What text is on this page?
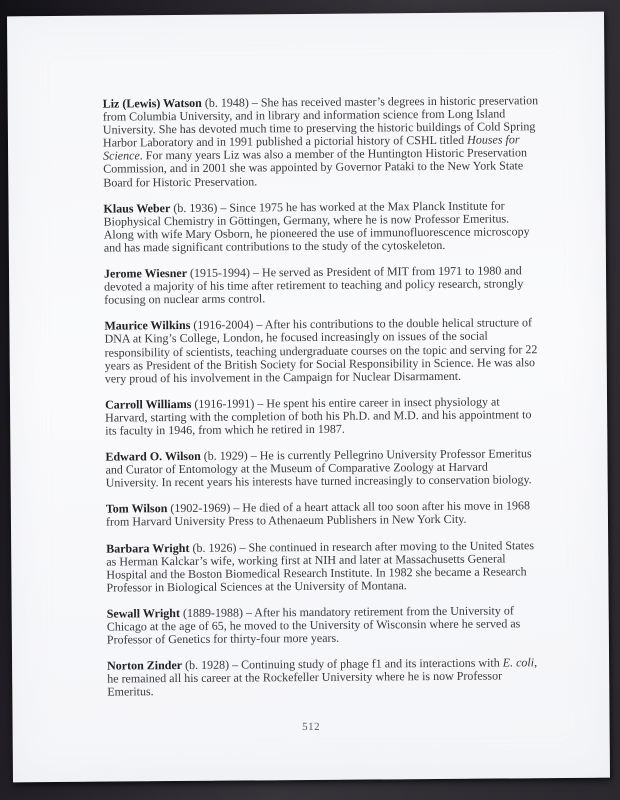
Liz (Lewis) Watson (b. 1948) – She has received master’s degrees in historic preservation from Columbia University, and in library and information science from Long Island University. She has devoted much time to preserving the historic buildings of Cold Spring Harbor Laboratory and in 1991 published a pictorial history of CSHL titled Houses for Science. For many years Liz was also a member of the Huntington Historic Preservation Commission, and in 2001 she was appointed by Governor Pataki to the New York State Board for Historic Preservation.

Klaus Weber (b. 1936) – Since 1975 he has worked at the Max Planck Institute for Biophysical Chemistry in Göttingen, Germany, where he is now Professor Emeritus. Along with wife Mary Osborn, he pioneered the use of immunofluorescence microscopy and has made significant contributions to the study of the cytoskeleton.

Jerome Wiesner (1915-1994) – He served as President of MIT from 1971 to 1980 and devoted a majority of his time after retirement to teaching and policy research, strongly focusing on nuclear arms control.

Maurice Wilkins (1916-2004) – After his contributions to the double helical structure of DNA at King’s College, London, he focused increasingly on issues of the social responsibility of scientists, teaching undergraduate courses on the topic and serving for 22 years as President of the British Society for Social Responsibility in Science. He was also very proud of his involvement in the Campaign for Nuclear Disarmament.

Carroll Williams (1916-1991) – He spent his entire career in insect physiology at Harvard, starting with the completion of both his Ph.D. and M.D. and his appointment to its faculty in 1946, from which he retired in 1987.

Edward O. Wilson (b. 1929) – He is currently Pellegrino University Professor Emeritus and Curator of Entomology at the Museum of Comparative Zoology at Harvard University. In recent years his interests have turned increasingly to conservation biology.

Tom Wilson (1902-1969) – He died of a heart attack all too soon after his move in 1968 from Harvard University Press to Athenaeum Publishers in New York City.

Barbara Wright (b. 1926) – She continued in research after moving to the United States as Herman Kalckar’s wife, working first at NIH and later at Massachusetts General Hospital and the Boston Biomedical Research Institute. In 1982 she became a Research Professor in Biological Sciences at the University of Montana.

Sewall Wright (1889-1988) – After his mandatory retirement from the University of Chicago at the age of 65, he moved to the University of Wisconsin where he served as Professor of Genetics for thirty-four more years.

Norton Zinder (b. 1928) – Continuing study of phage f1 and its interactions with E. coli, he remained all his career at the Rockefeller University where he is now Professor Emeritus.

512
